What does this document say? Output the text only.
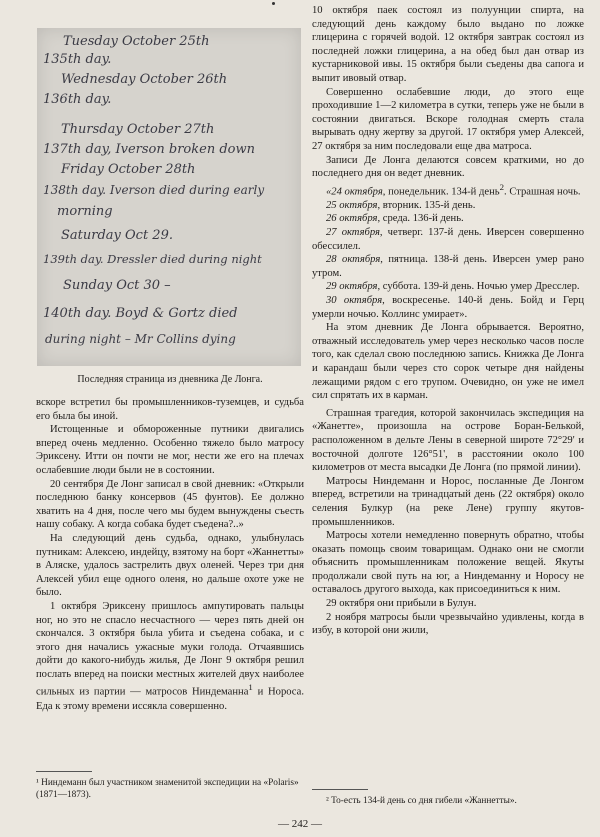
Tuesday October 25th
135th day.
Wednesday October 26th
136th day.
Thursday October 27th
137th day, Iverson broken down
Friday October 28th
138th day. Iverson died during early
morning
Saturday Oct 29.
139th day. Dressler died during night
Sunday Oct 30 –
140th day. Boyd & Gortz died
during night – Mr Collins dying
Последняя страница из дневника Де Лонга.

вскоре встретил бы промышленников-туземцев, и судьба его была бы иной.

Истощенные и обмороженные путники двигались вперед очень медленно. Особенно тяжело было матросу Эриксену. Итти он почти не мог, нести же его на плечах ослабевшие люди были не в состоянии.

20 сентября Де Лонг записал в свой дневник: «Открыли последнюю банку консервов (45 фунтов). Ее должно хватить на 4 дня, после чего мы будем вынуждены съесть нашу собаку. А когда собака будет съедена?..»

На следующий день судьба, однако, улыбнулась путникам: Алексею, индейцу, взятому на борт «Жаннетты» в Аляске, удалось застрелить двух оленей. Через три дня Алексей убил еще одного оленя, но дальше охоте уже не было.

1 октября Эриксену пришлось ампутировать пальцы ног, но это не спасло несчастного — через пять дней он скончался. 3 октября была убита и съедена собака, и с этого дня начались ужасные муки голода. Отчаявшись дойти до какого-нибудь жилья, Де Лонг 9 октября решил послать вперед на поиски местных жителей двух наиболее сильных из партии — матросов Ниндеманна$^1$ и Нороса. Еда к этому времени иссякла совершенно.

¹ Ниндеманн был участником знаменитой экспедиции на «Polaris» (1871—1873).

10 октября паек состоял из полуунции спирта, на следующий день каждому было выдано по ложке глицерина с горячей водой. 12 октября завтрак состоял из последней ложки глицерина, а на обед был дан отвар из кустарниковой ивы. 15 октября были съедены два сапога и выпит ивовый отвар.

Совершенно ослабевшие люди, до этого еще проходившие 1—2 километра в сутки, теперь уже не были в состоянии двигаться. Вскоре голодная смерть стала вырывать одну жертву за другой. 17 октября умер Алексей, 27 октября за ним последовали еще два матроса.

Записи Де Лонга делаются совсем краткими, но до последнего дня он ведет дневник.

«24 октября, понедельник. 134-й день$^2$. Страшная ночь.

25 октября, вторник. 135-й день.

26 октября, среда. 136-й день.

27 октября, четверг. 137-й день. Иверсен совершенно обессилел.

28 октября, пятница. 138-й день. Иверсен умер рано утром.

29 октября, суббота. 139-й день. Ночью умер Дресслер.

30 октября, воскресенье. 140-й день. Бойд и Герц умерли ночью. Коллинс умирает».

На этом дневник Де Лонга обрывается. Вероятно, отважный исследователь умер через несколько часов после того, как сделал свою последнюю запись. Книжка Де Лонга и карандаш были через сто сорок четыре дня найдены лежащими рядом с его трупом. Очевидно, он уже не имел сил спрятать их в карман.

Страшная трагедия, которой закончилась экспедиция на «Жанеттe», произошла на острове Боран-Белькой, расположенном в дельте Лены в северной широте 72°29' и восточной долготе 126°51', в расстоянии около 100 километров от места высадки Де Лонга (по прямой линии).

Матросы Ниндеманн и Норос, посланные Де Лонгом вперед, встретили на тринадцатый день (22 октября) около селения Булкур (на реке Лене) группу якутов-промышленников.

Матросы хотели немедленно повернуть обратно, чтобы оказать помощь своим товарищам. Однако они не смогли объяснить промышленникам положение вещей. Якуты продолжали свой путь на юг, а Ниндеманну и Норосу не оставалось другого выхода, как присоединиться к ним.

29 октября они прибыли в Булун.

2 ноября матросы были чрезвычайно удивлены, когда в избу, в которой они жили,

² То-есть 134-й день со дня гибели «Жаннетты».
— 242 —
